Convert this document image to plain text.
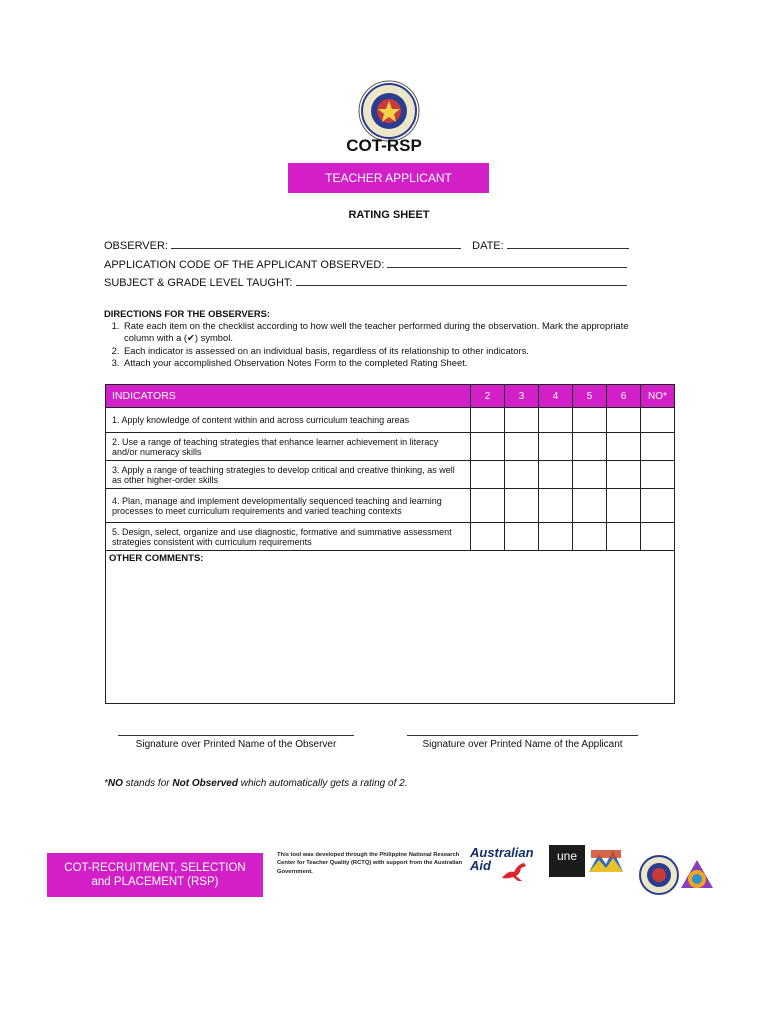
COT-RSP
TEACHER APPLICANT
RATING SHEET
OBSERVER:	DATE:
APPLICATION CODE OF THE APPLICANT OBSERVED:
SUBJECT & GRADE LEVEL TAUGHT:
DIRECTIONS FOR THE OBSERVERS:
1. Rate each item on the checklist according to how well the teacher performed during the observation. Mark the appropriate column with a (✔) symbol.
2. Each indicator is assessed on an individual basis, regardless of its relationship to other indicators.
3. Attach your accomplished Observation Notes Form to the completed Rating Sheet.
INDICATORS	2	3	4	5	6	NO*
1. Apply knowledge of content within and across curriculum teaching areas						
2. Use a range of teaching strategies that enhance learner achievement in literacy and/or numeracy skills						
3. Apply a range of teaching strategies to develop critical and creative thinking, as well as other higher-order skills						
4. Plan, manage and implement developmentally sequenced teaching and learning processes to meet curriculum requirements and varied teaching contexts						
5. Design, select, organize and use diagnostic, formative and summative assessment strategies consistent with curriculum requirements						
OTHER COMMENTS:						
Signature over Printed Name of the Observer	Signature over Printed Name of the Applicant
*NO stands for Not Observed which automatically gets a rating of 2.
COT-RECRUITMENT, SELECTION
and PLACEMENT (RSP)
This tool was developed through the Philippine National Research Center for Teacher Quality (RCTQ) with support from the Australian Government.
Australian
Aid
une
